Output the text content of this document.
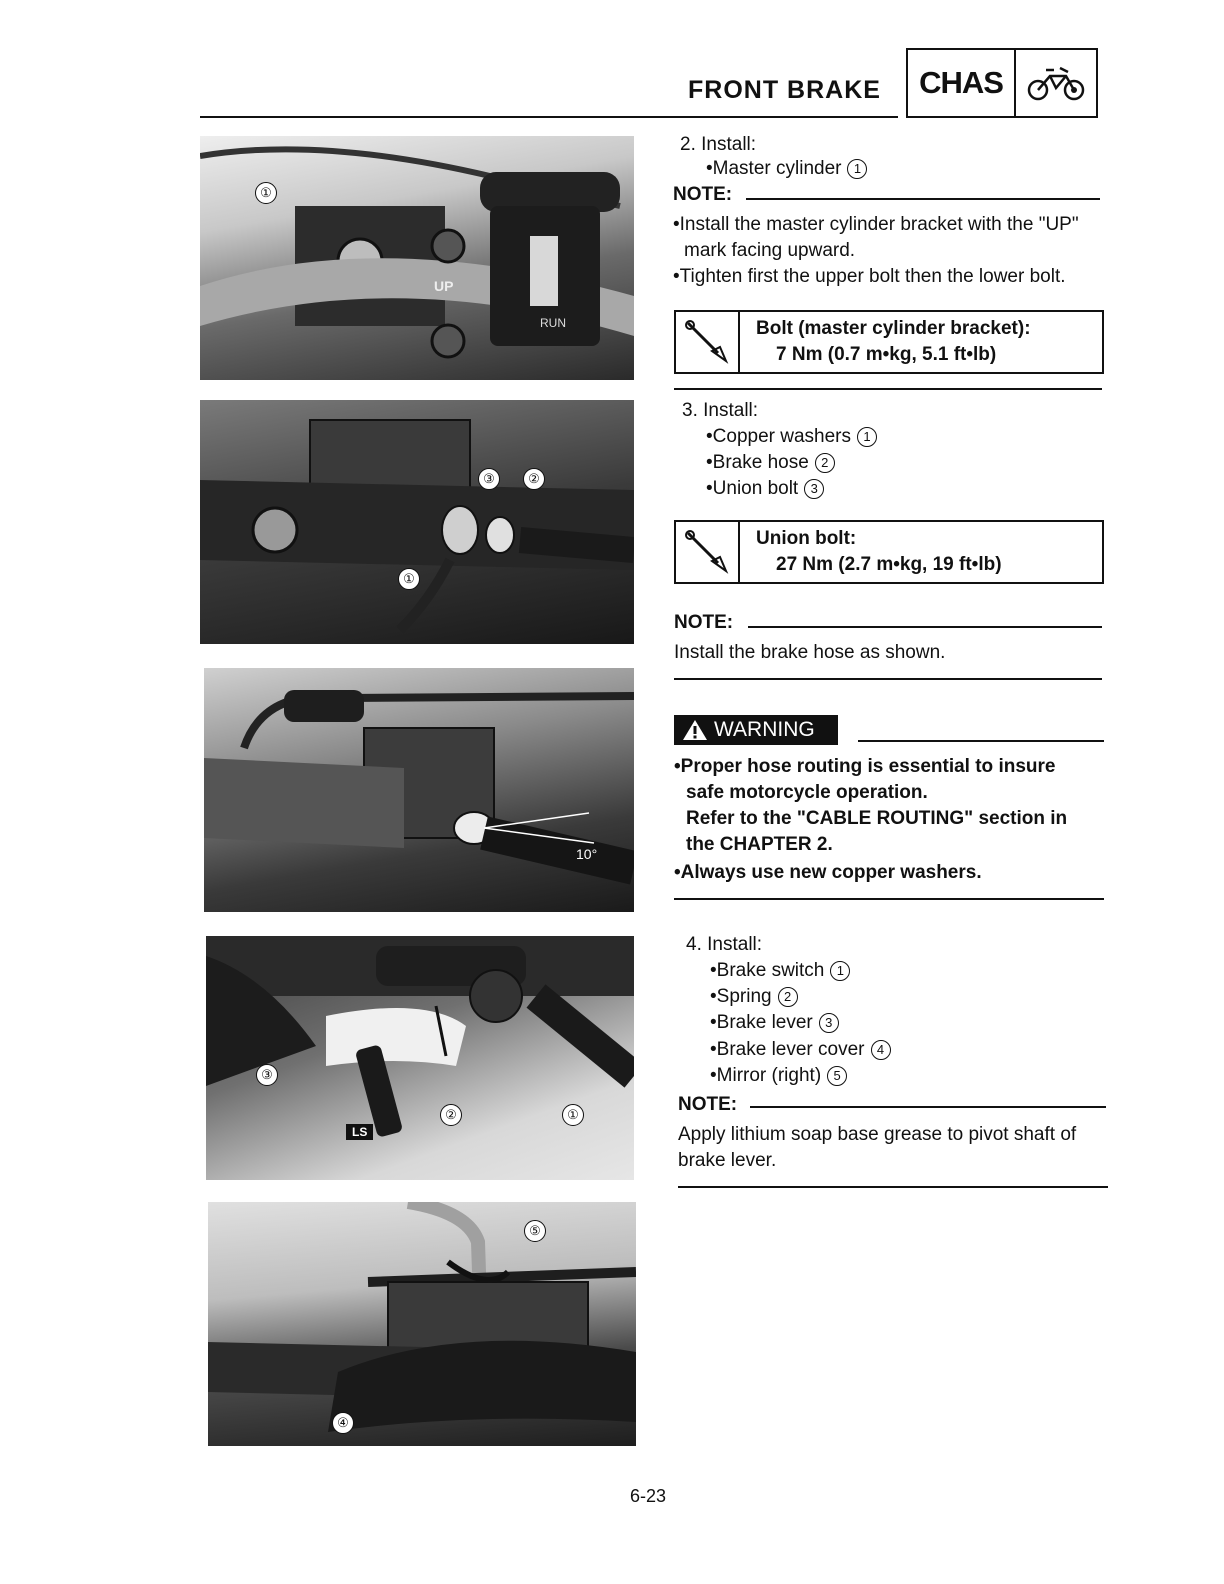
FRONT BRAKE	CHAS
①
UP
RUN
③	②
①
10°
③
②	①
LS
⑤
④
2. Install:
•Master cylinder 1
NOTE:
•Install the master cylinder bracket with the "UP"
mark facing upward.
•Tighten first the upper bolt then the lower bolt.
Bolt (master cylinder bracket):
7 Nm (0.7 m•kg, 5.1 ft•lb)
3. Install:
•Copper washers 1
•Brake hose 2
•Union bolt 3
Union bolt:
27 Nm (2.7 m•kg, 19 ft•lb)
NOTE:
Install the brake hose as shown.
WARNING
•Proper hose routing is essential to insure
safe motorcycle operation.
Refer to the "CABLE ROUTING" section in
the CHAPTER 2.
•Always use new copper washers.
4. Install:
•Brake switch 1
•Spring 2
•Brake lever 3
•Brake lever cover 4
•Mirror (right) 5
NOTE:
Apply lithium soap base grease to pivot shaft of
brake lever.
6-23
